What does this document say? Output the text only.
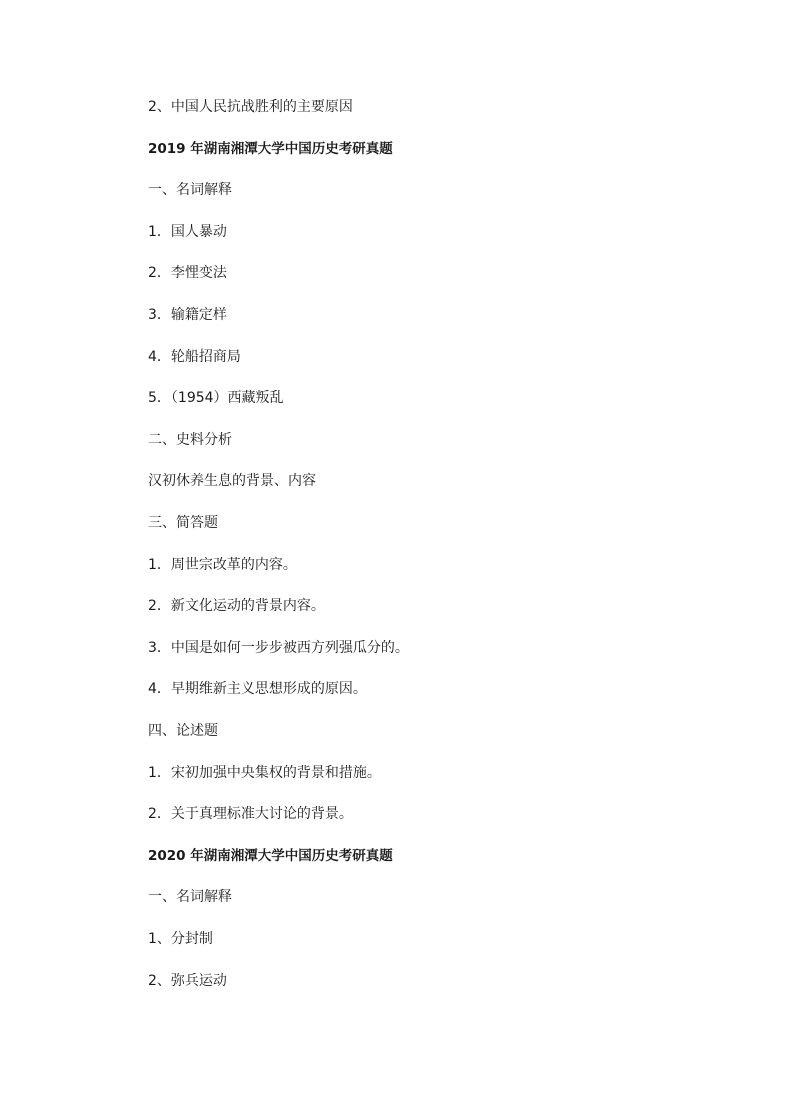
2、中国人民抗战胜利的主要原因
2019 年湖南湘潭大学中国历史考研真题
一、名词解释
1．国人暴动
2．李悝变法
3．输籍定样
4．轮船招商局
5．（1954）西藏叛乱
二、史料分析
汉初休养生息的背景、内容
三、简答题
1．周世宗改革的内容。
2．新文化运动的背景内容。
3．中国是如何一步步被西方列强瓜分的。
4．早期维新主义思想形成的原因。
四、论述题
1．宋初加强中央集权的背景和措施。
2．关于真理标准大讨论的背景。
2020 年湖南湘潭大学中国历史考研真题
一、名词解释
1、分封制
2、弥兵运动
